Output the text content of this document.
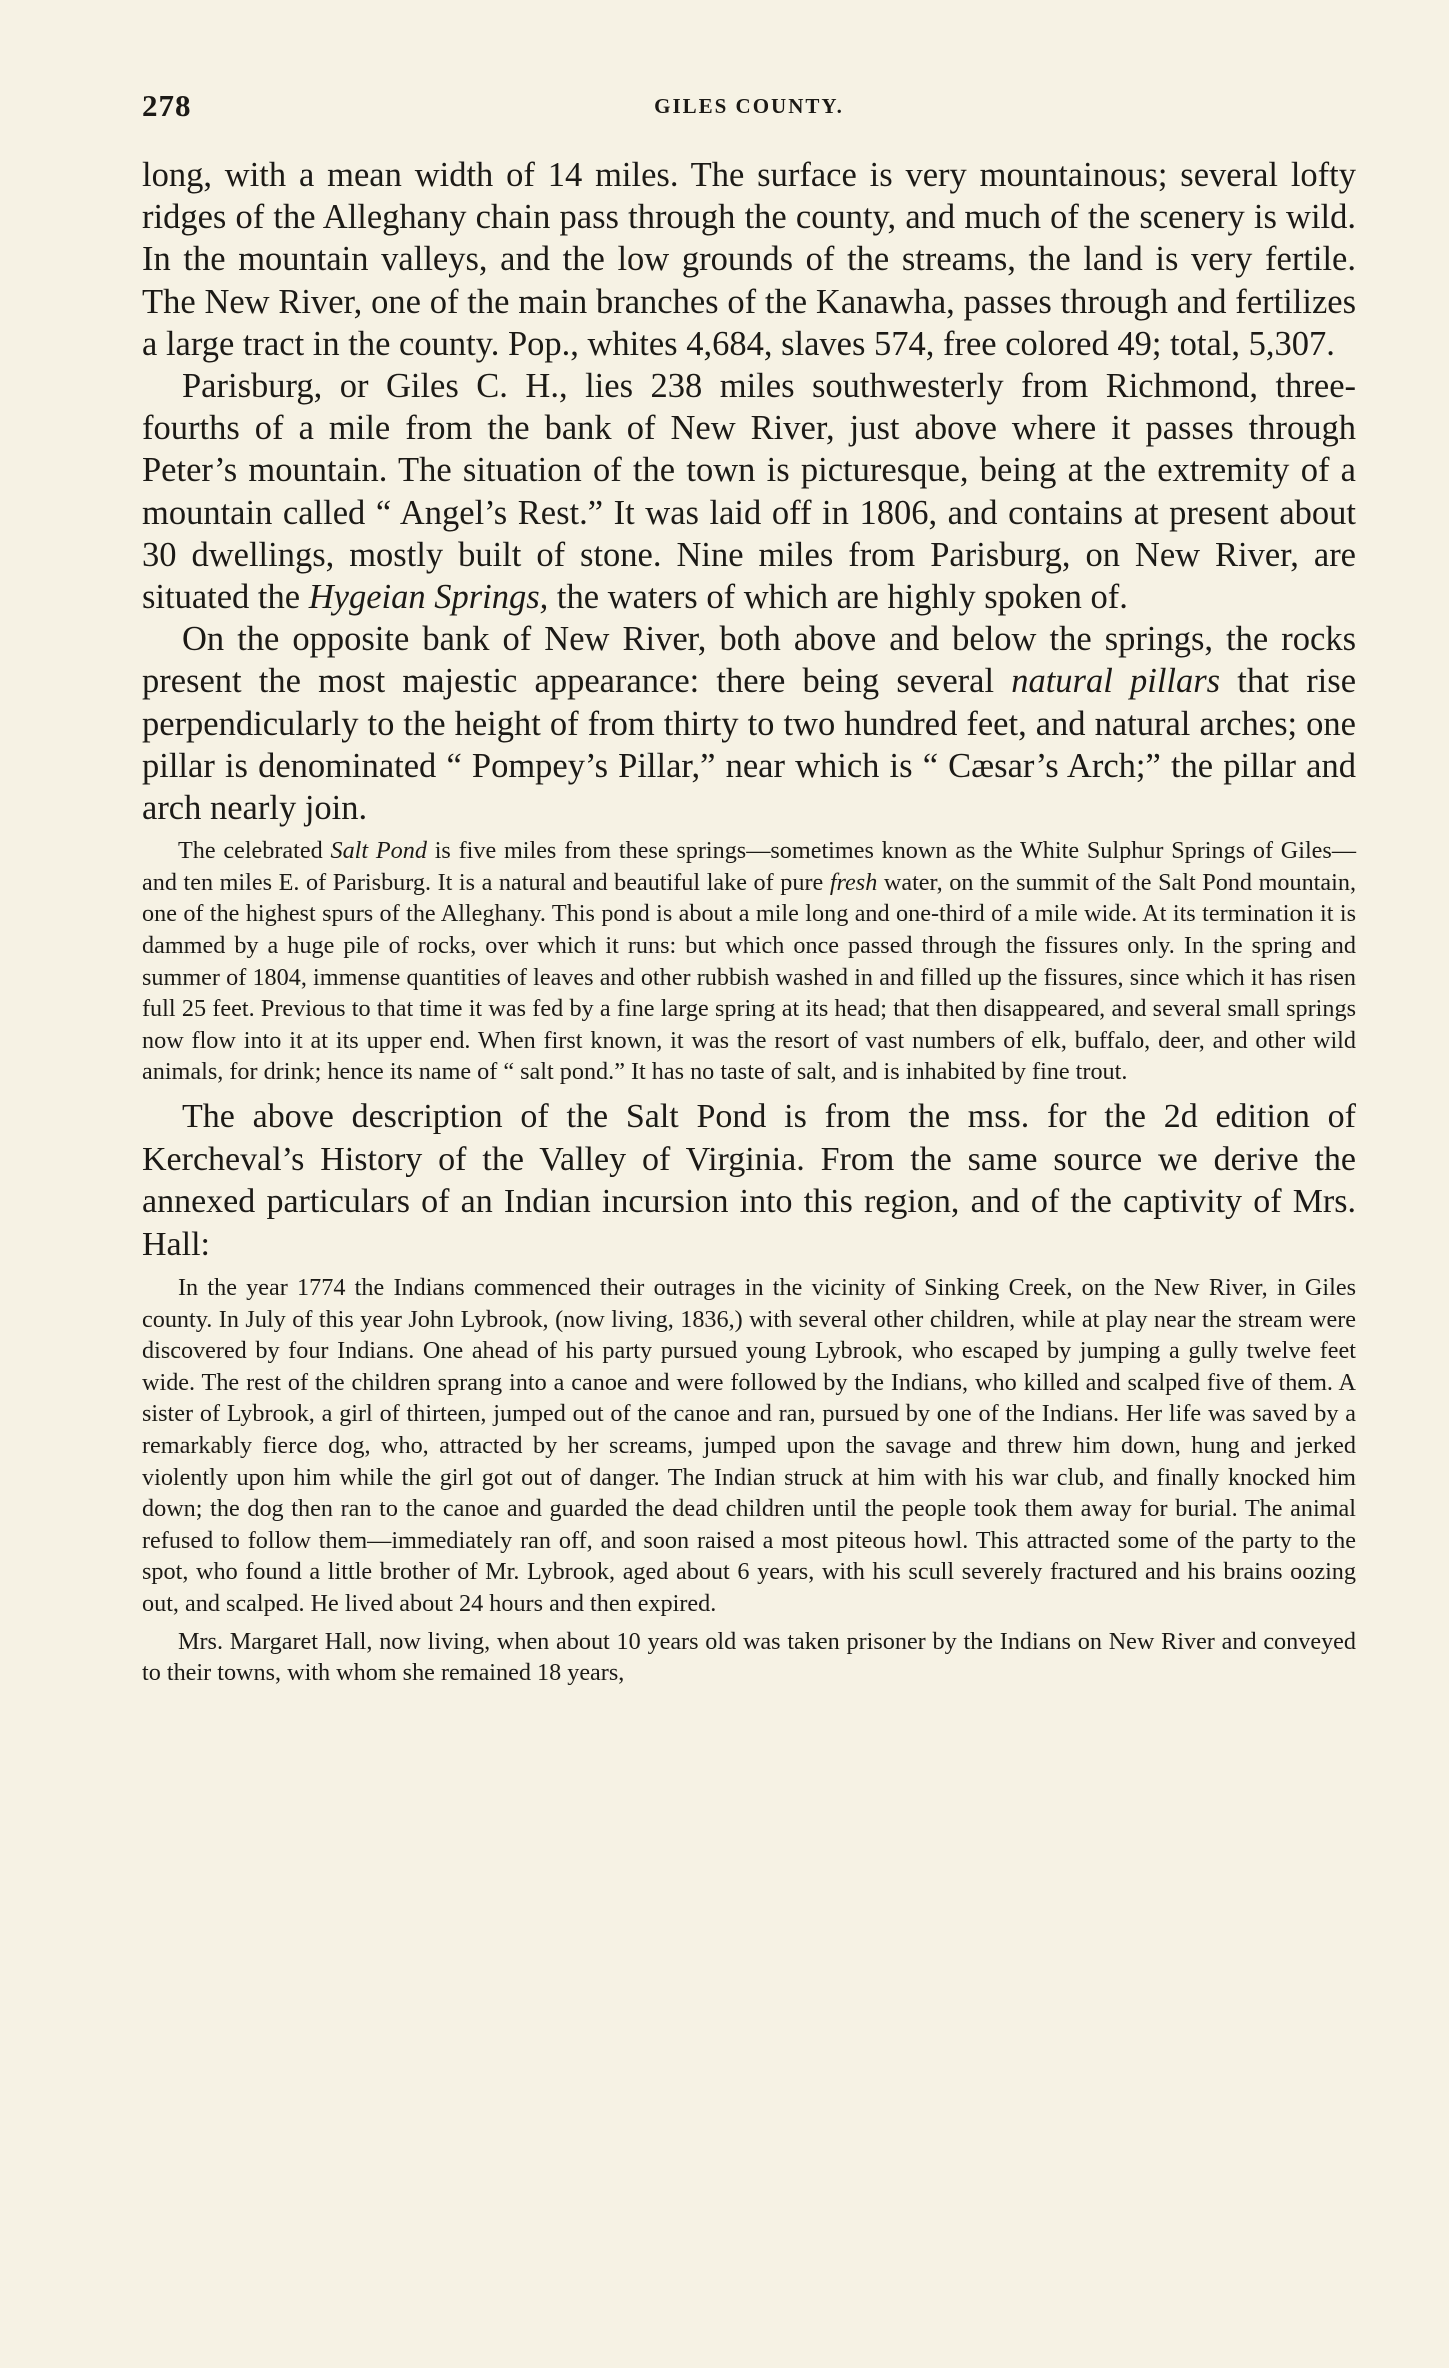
278	GILES COUNTY.

long, with a mean width of 14 miles. The surface is very mountainous; several lofty ridges of the Alleghany chain pass through the county, and much of the scenery is wild. In the mountain valleys, and the low grounds of the streams, the land is very fertile. The New River, one of the main branches of the Kanawha, passes through and fertilizes a large tract in the county. Pop., whites 4,684, slaves 574, free colored 49; total, 5,307.

Parisburg, or Giles C. H., lies 238 miles southwesterly from Richmond, three-fourths of a mile from the bank of New River, just above where it passes through Peter’s mountain. The situation of the town is picturesque, being at the extremity of a mountain called “ Angel’s Rest.” It was laid off in 1806, and contains at present about 30 dwellings, mostly built of stone. Nine miles from Parisburg, on New River, are situated the Hygeian Springs, the waters of which are highly spoken of.

On the opposite bank of New River, both above and below the springs, the rocks present the most majestic appearance: there being several natural pillars that rise perpendicularly to the height of from thirty to two hundred feet, and natural arches; one pillar is denominated “ Pompey’s Pillar,” near which is “ Cæsar’s Arch;” the pillar and arch nearly join.

The celebrated Salt Pond is five miles from these springs—sometimes known as the White Sulphur Springs of Giles—and ten miles E. of Parisburg. It is a natural and beautiful lake of pure fresh water, on the summit of the Salt Pond mountain, one of the highest spurs of the Alleghany. This pond is about a mile long and one-third of a mile wide. At its termination it is dammed by a huge pile of rocks, over which it runs: but which once passed through the fissures only. In the spring and summer of 1804, immense quantities of leaves and other rubbish washed in and filled up the fissures, since which it has risen full 25 feet. Previous to that time it was fed by a fine large spring at its head; that then disappeared, and several small springs now flow into it at its upper end. When first known, it was the resort of vast numbers of elk, buffalo, deer, and other wild animals, for drink; hence its name of “ salt pond.” It has no taste of salt, and is inhabited by fine trout.

The above description of the Salt Pond is from the mss. for the 2d edition of Kercheval’s History of the Valley of Virginia. From the same source we derive the annexed particulars of an Indian incursion into this region, and of the captivity of Mrs. Hall:

In the year 1774 the Indians commenced their outrages in the vicinity of Sinking Creek, on the New River, in Giles county. In July of this year John Lybrook, (now living, 1836,) with several other children, while at play near the stream were discovered by four Indians. One ahead of his party pursued young Lybrook, who escaped by jumping a gully twelve feet wide. The rest of the children sprang into a canoe and were followed by the Indians, who killed and scalped five of them. A sister of Lybrook, a girl of thirteen, jumped out of the canoe and ran, pursued by one of the Indians. Her life was saved by a remarkably fierce dog, who, attracted by her screams, jumped upon the savage and threw him down, hung and jerked violently upon him while the girl got out of danger. The Indian struck at him with his war club, and finally knocked him down; the dog then ran to the canoe and guarded the dead children until the people took them away for burial. The animal refused to follow them—immediately ran off, and soon raised a most piteous howl. This attracted some of the party to the spot, who found a little brother of Mr. Lybrook, aged about 6 years, with his scull severely fractured and his brains oozing out, and scalped. He lived about 24 hours and then expired.

Mrs. Margaret Hall, now living, when about 10 years old was taken prisoner by the Indians on New River and conveyed to their towns, with whom she remained 18 years,
